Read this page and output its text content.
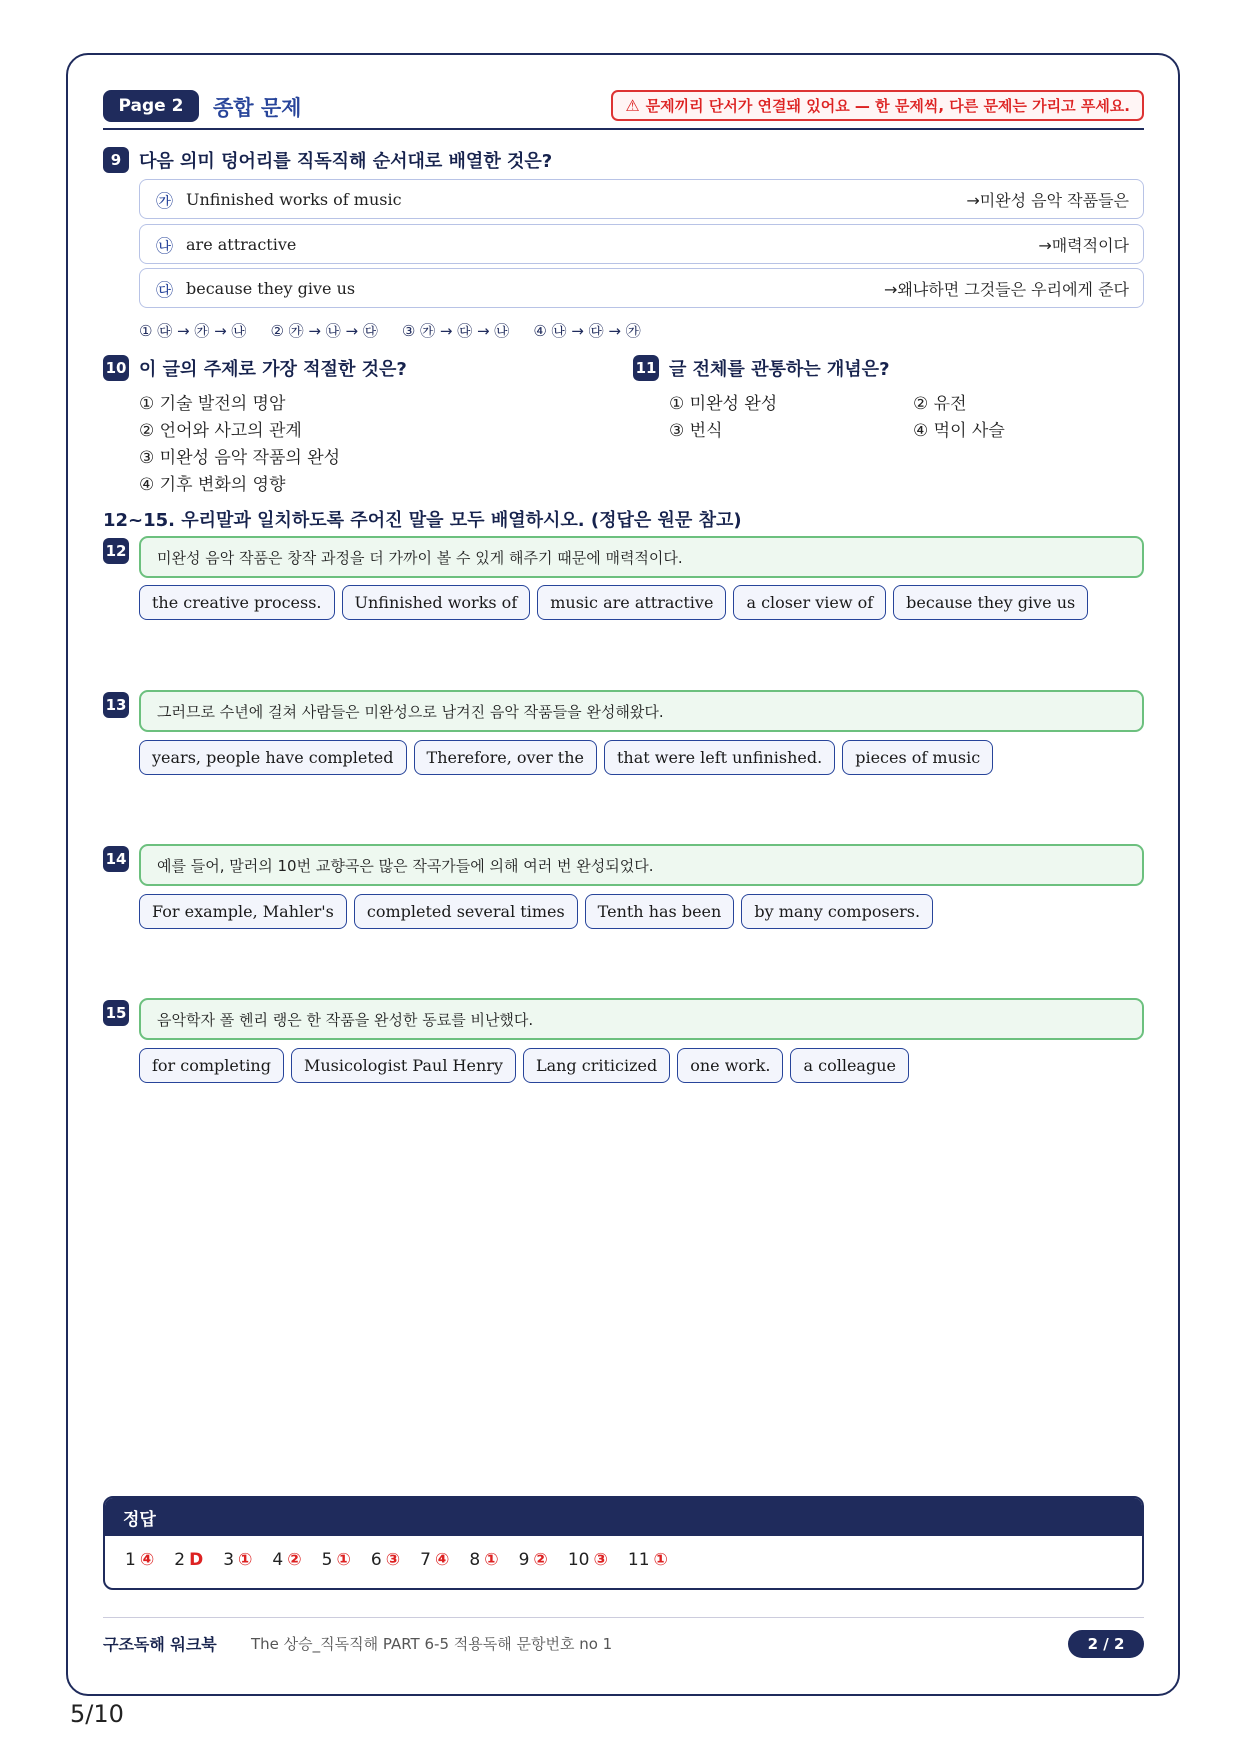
Page 2	종합 문제	⚠ 문제끼리 단서가 연결돼 있어요 — 한 문제씩, 다른 문제는 가리고 푸세요.
9 다음 의미 덩어리를 직독직해 순서대로 배열한 것은?
㉮ Unfinished works of music	→미완성 음악 작품들은
㉯ are attractive	→매력적이다
㉰ because they give us	→왜냐하면 그것들은 우리에게 준다
① ㉰ → ㉮ → ㉯ ② ㉮ → ㉯ → ㉰ ③ ㉮ → ㉰ → ㉯ ④ ㉯ → ㉰ → ㉮
10 이 글의 주제로 가장 적절한 것은?
① 기술 발전의 명암
② 언어와 사고의 관계
③ 미완성 음악 작품의 완성
④ 기후 변화의 영향
11 글 전체를 관통하는 개념은?
① 미완성 완성	② 유전
③ 번식	④ 먹이 사슬
12~15. 우리말과 일치하도록 주어진 말을 모두 배열하시오. (정답은 원문 참고)
12	미완성 음악 작품은 창작 과정을 더 가까이 볼 수 있게 해주기 때문에 매력적이다.
the creative process.	Unfinished works of	music are attractive	a closer view of	because they give us
13	그러므로 수년에 걸쳐 사람들은 미완성으로 남겨진 음악 작품들을 완성해왔다.
years, people have completed	Therefore, over the	that were left unfinished.	pieces of music
14	예를 들어, 말러의 10번 교향곡은 많은 작곡가들에 의해 여러 번 완성되었다.
For example, Mahler's	completed several times	Tenth has been	by many composers.
15	음악학자 폴 헨리 랭은 한 작품을 완성한 동료를 비난했다.
for completing	Musicologist Paul Henry	Lang criticized	one work.	a colleague
정답
1 ④ 2 D 3 ① 4 ② 5 ① 6 ③ 7 ④ 8 ① 9 ② 10 ③ 11 ①
구조독해 워크북 The 상승_직독직해 PART 6-5 적용독해 문항번호 no 1	2 / 2
5/10
